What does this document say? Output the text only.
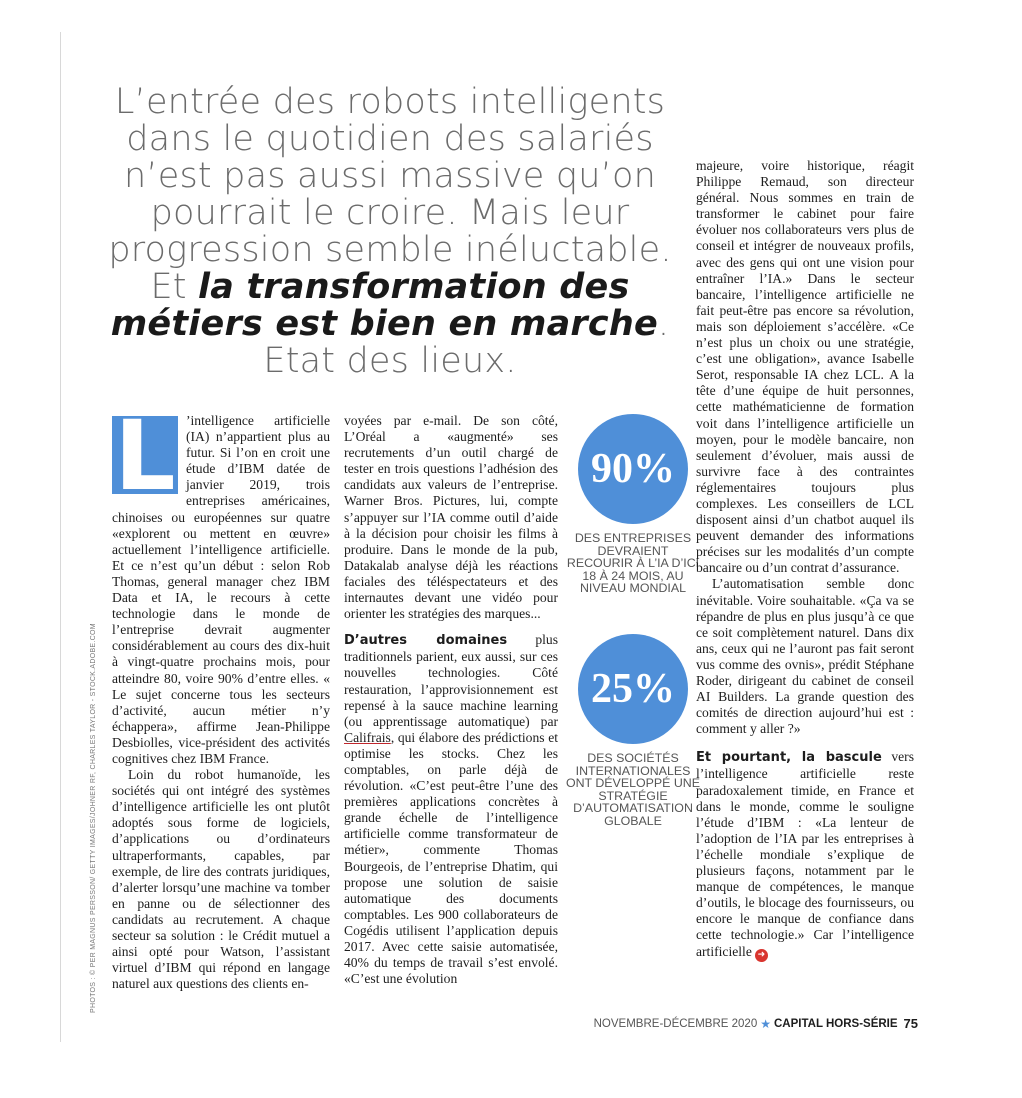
L’entrée des robots intelligents dans le quotidien des salariés n’est pas aussi massive qu’on pourrait le croire. Mais leur progression semble inéluctable. Et la transformation des métiers est bien en marche. Etat des lieux.

L ’intelligence artificielle (IA) n’appartient plus au futur. Si l’on en croit une étude d’IBM datée de janvier 2019, trois entreprises américaines, chinoises ou européennes sur quatre «explorent ou mettent en œuvre» actuellement l’intelligence artificielle. Et ce n’est qu’un début : selon Rob Thomas, general manager chez IBM Data et IA, le recours à cette technologie dans le monde de l’entreprise devrait augmenter considérablement au cours des dix-huit à vingt-quatre prochains mois, pour atteindre 80, voire 90% d’entre elles. « Le sujet concerne tous les secteurs d’activité, aucun métier n’y échappera», affirme Jean-Philippe Desbiolles, vice-président des activités cognitives chez IBM France.

Loin du robot humanoïde, les sociétés qui ont intégré des systèmes d’intelligence artificielle les ont plutôt adoptés sous forme de logiciels, d’applications ou d’ordinateurs ultraperformants, capables, par exemple, de lire des contrats juridiques, d’alerter lorsqu’une machine va tomber en panne ou de sélectionner des candidats au recrutement. A chaque secteur sa solution : le Crédit mutuel a ainsi opté pour Watson, l’assistant virtuel d’IBM qui répond en langage naturel aux questions des clients en-

voyées par e-mail. De son côté, L’Oréal a «augmenté» ses recrutements d’un outil chargé de tester en trois questions l’adhésion des candidats aux valeurs de l’entreprise. Warner Bros. Pictures, lui, compte s’appuyer sur l’IA comme outil d’aide à la décision pour choisir les films à produire. Dans le monde de la pub, Datakalab analyse déjà les réactions faciales des téléspectateurs et des internautes devant une vidéo pour orienter les stratégies des marques...

D’autres domaines plus traditionnels parient, eux aussi, sur ces nouvelles technologies. Côté restauration, l’approvisionnement est repensé à la sauce machine learning (ou apprentissage automatique) par Califrais, qui élabore des prédictions et optimise les stocks. Chez les comptables, on parle déjà de révolution. «C’est peut-être l’une des premières applications concrètes à grande échelle de l’intelligence artificielle comme transformateur de métier», commente Thomas Bourgeois, de l’entreprise Dhatim, qui propose une solution de saisie automatique des documents comptables. Les 900 collaborateurs de Cogédis utilisent l’application depuis 2017. Avec cette saisie automatisée, 40% du temps de travail s’est envolé. «C’est une évolution

90%
DES ENTREPRISES DEVRAIENT RECOURIR À L’IA D’ICI 18 À 24 MOIS, AU NIVEAU MONDIAL
25%
DES SOCIÉTÉS INTERNATIONALES ONT DÉVELOPPÉ UNE STRATÉGIE D’AUTOMATISATION GLOBALE

majeure, voire historique, réagit Philippe Remaud, son directeur général. Nous sommes en train de transformer le cabinet pour faire évoluer nos collaborateurs vers plus de conseil et intégrer de nouveaux profils, avec des gens qui ont une vision pour entraîner l’IA.» Dans le secteur bancaire, l’intelligence artificielle ne fait peut-être pas encore sa révolution, mais son déploiement s’accélère. «Ce n’est plus un choix ou une stratégie, c’est une obligation», avance Isabelle Serot, responsable IA chez LCL. A la tête d’une équipe de huit personnes, cette mathématicienne de formation voit dans l’intelligence artificielle un moyen, pour le modèle bancaire, non seulement d’évoluer, mais aussi de survivre face à des contraintes réglementaires toujours plus complexes. Les conseillers de LCL disposent ainsi d’un chatbot auquel ils peuvent demander des informations précises sur les modalités d’un compte bancaire ou d’un contrat d’assurance.

L’automatisation semble donc inévitable. Voire souhaitable. «Ça va se répandre de plus en plus jusqu’à ce que ce soit complètement naturel. Dans dix ans, ceux qui ne l’auront pas fait seront vus comme des ovnis», prédit Stéphane Roder, dirigeant du cabinet de conseil AI Builders. La grande question des comités de direction aujourd’hui est : comment y aller ?»

Et pourtant, la bascule vers l’intelligence artificielle reste paradoxalement timide, en France et dans le monde, comme le souligne l’étude d’IBM : «La lenteur de l’adoption de l’IA par les entreprises à l’échelle mondiale s’explique de plusieurs façons, notamment par le manque de compétences, le manque d’outils, le blocage des fournisseurs, ou encore le manque de confiance dans cette technologie.» Car l’intelligence artificielle ➜

PHOTOS : © PER MAGNUS PERSSON/ GETTY IMAGES/JOHNER RF, CHARLES TAYLOR - STOCK.ADOBE.COM
NOVEMBRE-DÉCEMBRE 2020 ★ CAPITAL HORS-SÉRIE 75
